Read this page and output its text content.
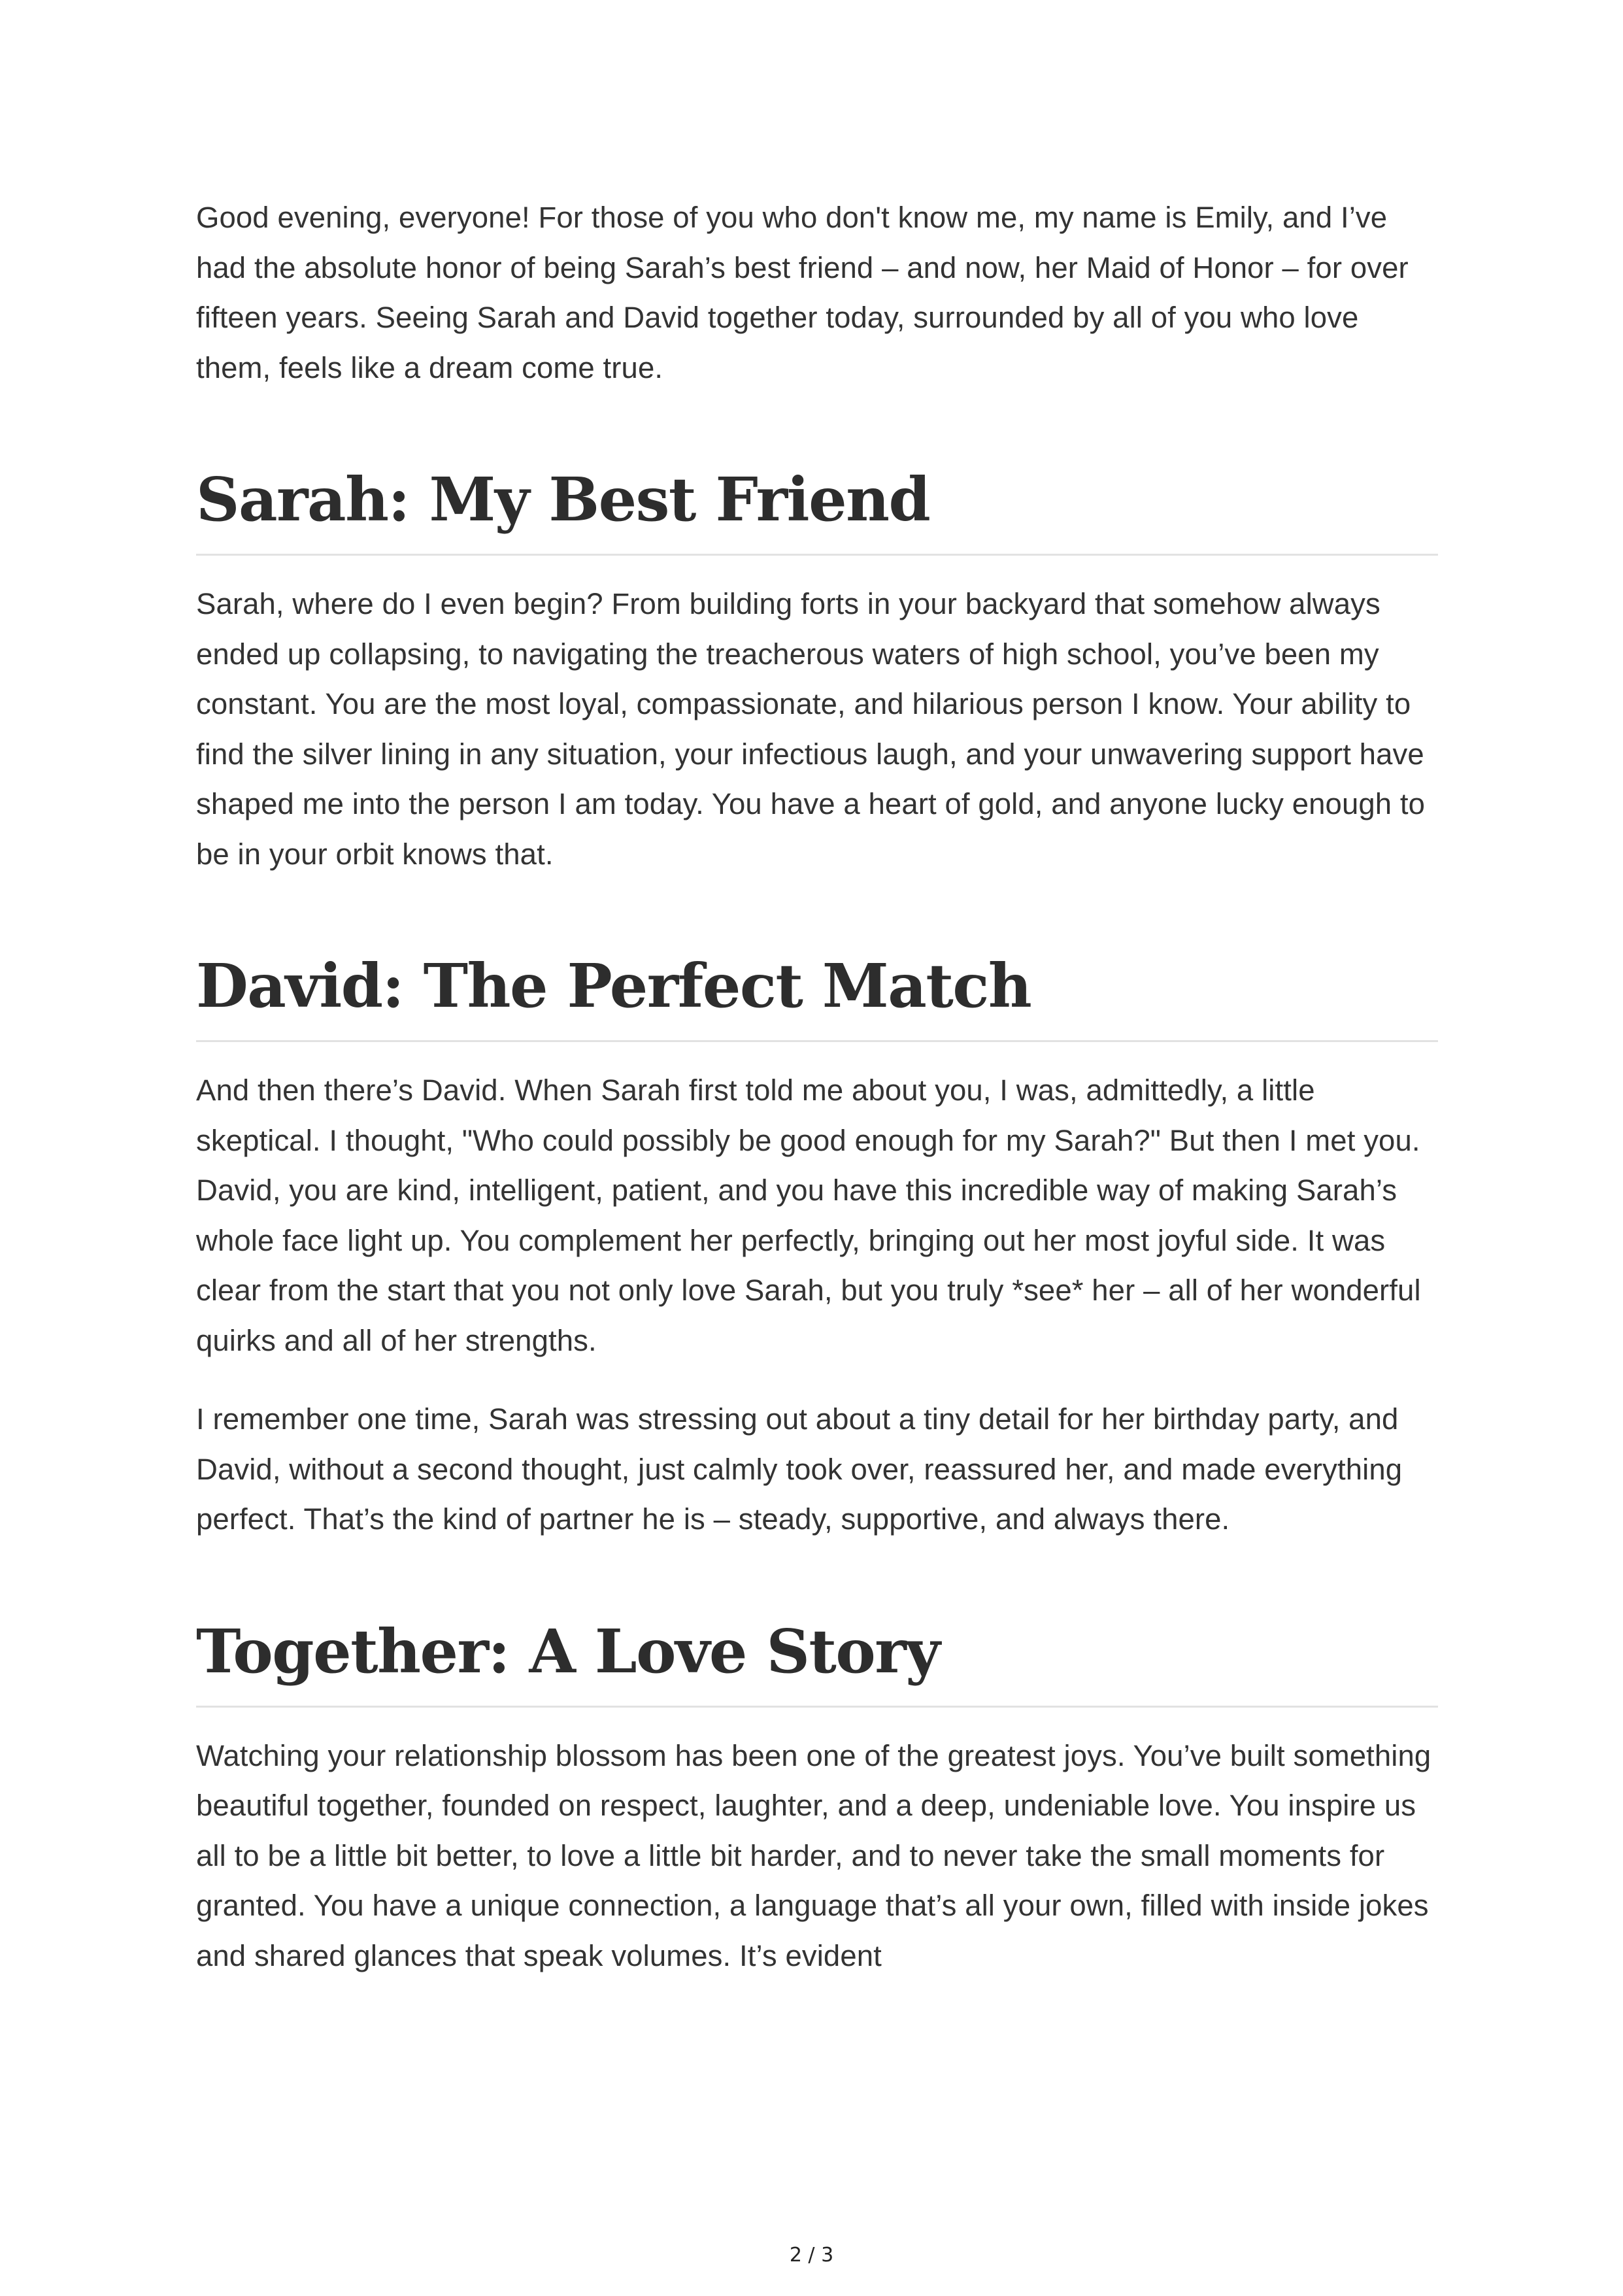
Good evening, everyone! For those of you who don't know me, my name is Emily, and I’ve had the absolute honor of being Sarah’s best friend – and now, her Maid of Honor – for over fifteen years. Seeing Sarah and David together today, surrounded by all of you who love them, feels like a dream come true.

Sarah: My Best Friend

Sarah, where do I even begin? From building forts in your backyard that somehow always ended up collapsing, to navigating the treacherous waters of high school, you’ve been my constant. You are the most loyal, compassionate, and hilarious person I know. Your ability to find the silver lining in any situation, your infectious laugh, and your unwavering support have shaped me into the person I am today. You have a heart of gold, and anyone lucky enough to be in your orbit knows that.

David: The Perfect Match

And then there’s David. When Sarah first told me about you, I was, admittedly, a little skeptical. I thought, "Who could possibly be good enough for my Sarah?" But then I met you. David, you are kind, intelligent, patient, and you have this incredible way of making Sarah’s whole face light up. You complement her perfectly, bringing out her most joyful side. It was clear from the start that you not only love Sarah, but you truly *see* her – all of her wonderful quirks and all of her strengths.

I remember one time, Sarah was stressing out about a tiny detail for her birthday party, and David, without a second thought, just calmly took over, reassured her, and made everything perfect. That’s the kind of partner he is – steady, supportive, and always there.

Together: A Love Story

Watching your relationship blossom has been one of the greatest joys. You’ve built something beautiful together, founded on respect, laughter, and a deep, undeniable love. You inspire us all to be a little bit better, to love a little bit harder, and to never take the small moments for granted. You have a unique connection, a language that’s all your own, filled with inside jokes and shared glances that speak volumes. It’s evident

2 / 3
